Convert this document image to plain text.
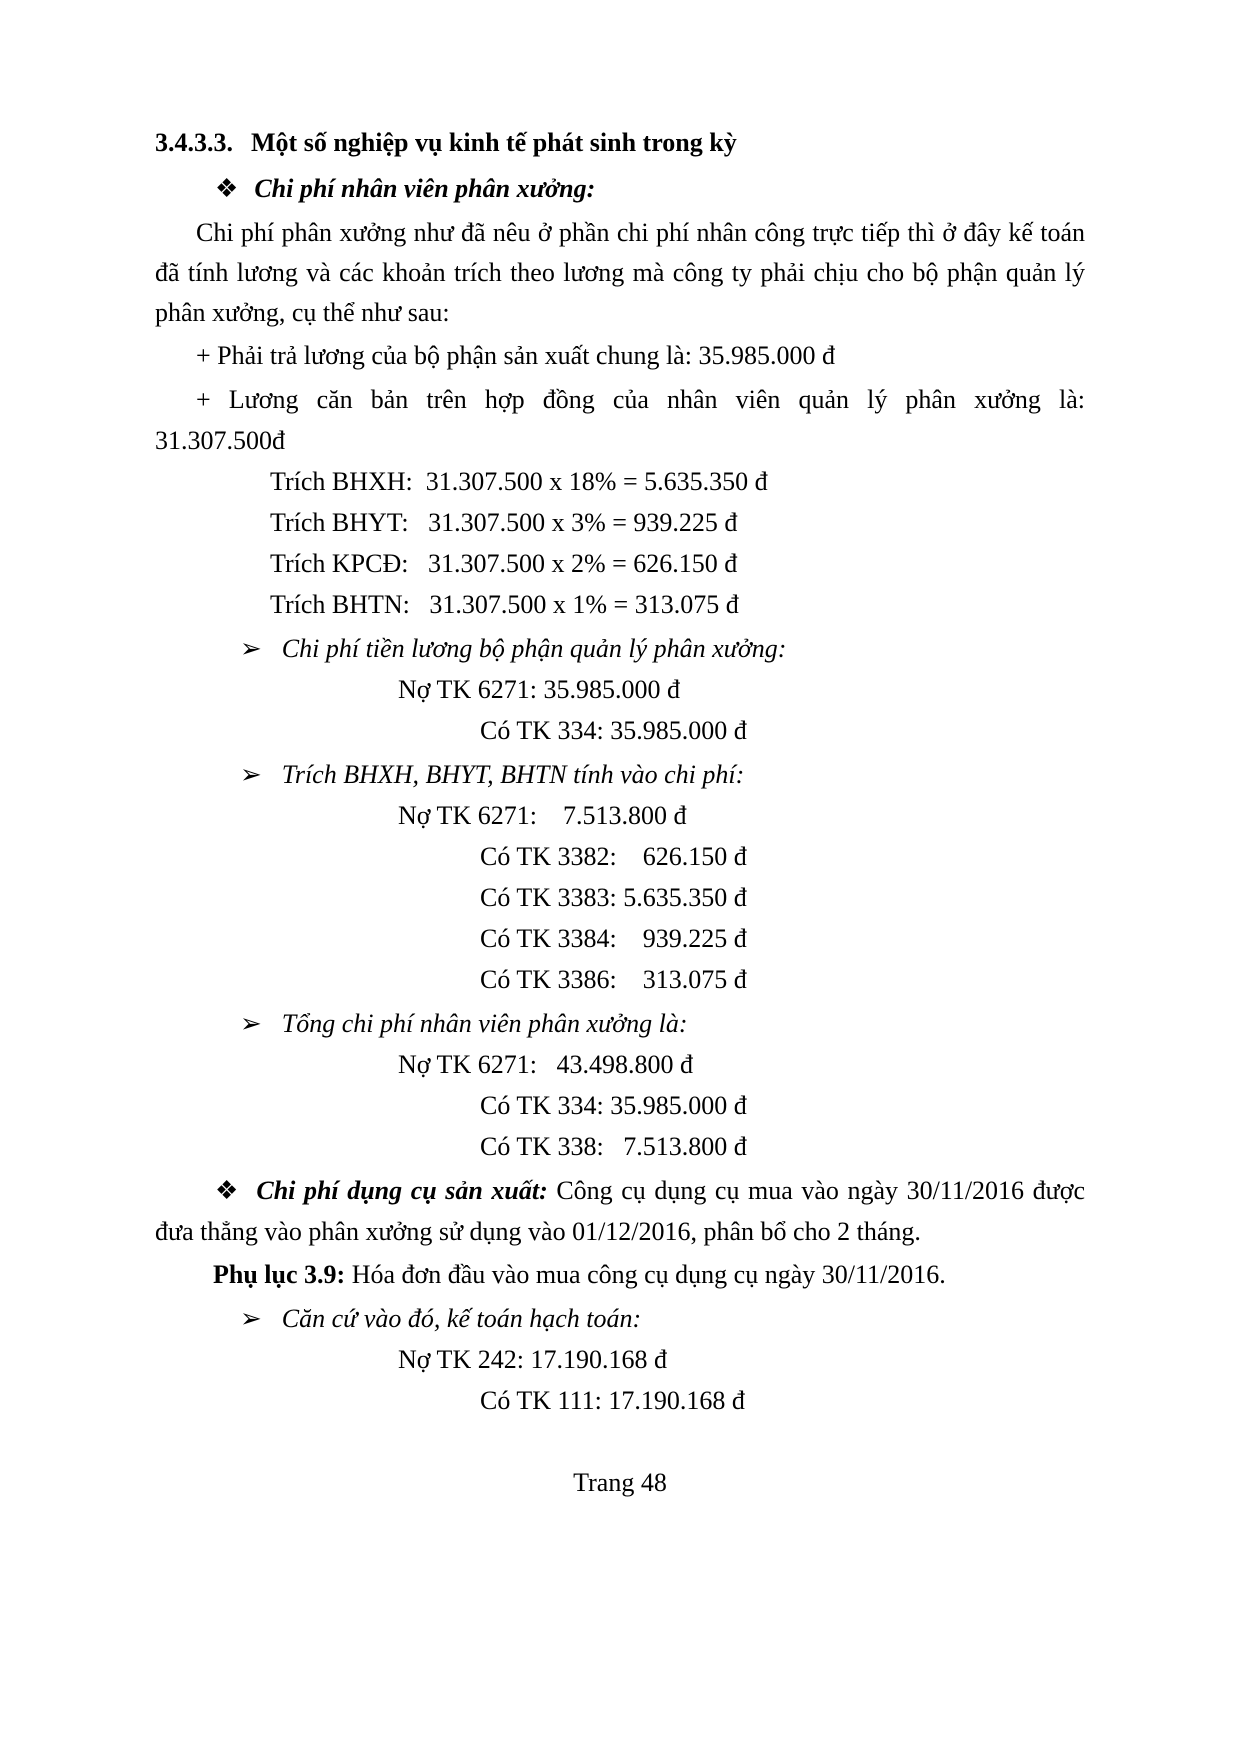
3.4.3.3. Một số nghiệp vụ kinh tế phát sinh trong kỳ

❖ Chi phí nhân viên phân xưởng:

Chi phí phân xưởng như đã nêu ở phần chi phí nhân công trực tiếp thì ở đây kế toán đã tính lương và các khoản trích theo lương mà công ty phải chịu cho bộ phận quản lý phân xưởng, cụ thể như sau:

+ Phải trả lương của bộ phận sản xuất chung là: 35.985.000 đ

+ Lương căn bản trên hợp đồng của nhân viên quản lý phân xưởng là:

31.307.500đ

Trích BHXH:  31.307.500 x 18% = 5.635.350 đ

Trích BHYT:   31.307.500 x 3% = 939.225 đ

Trích KPCĐ:   31.307.500 x 2% = 626.150 đ

Trích BHTN:   31.307.500 x 1% = 313.075 đ

➢ Chi phí tiền lương bộ phận quản lý phân xưởng:

Nợ TK 6271: 35.985.000 đ

Có TK 334: 35.985.000 đ

➢ Trích BHXH, BHYT, BHTN tính vào chi phí:

Nợ TK 6271:    7.513.800 đ

Có TK 3382:    626.150 đ

Có TK 3383: 5.635.350 đ

Có TK 3384:    939.225 đ

Có TK 3386:    313.075 đ

➢ Tổng chi phí nhân viên phân xưởng là:

Nợ TK 6271:   43.498.800 đ

Có TK 334: 35.985.000 đ

Có TK 338:   7.513.800 đ

❖ Chi phí dụng cụ sản xuất: Công cụ dụng cụ mua vào ngày 30/11/2016 được đưa thẳng vào phân xưởng sử dụng vào 01/12/2016, phân bổ cho 2 tháng.

Phụ lục 3.9: Hóa đơn đầu vào mua công cụ dụng cụ ngày 30/11/2016.

➢ Căn cứ vào đó, kế toán hạch toán:

Nợ TK 242: 17.190.168 đ

Có TK 111: 17.190.168 đ

Trang 48
